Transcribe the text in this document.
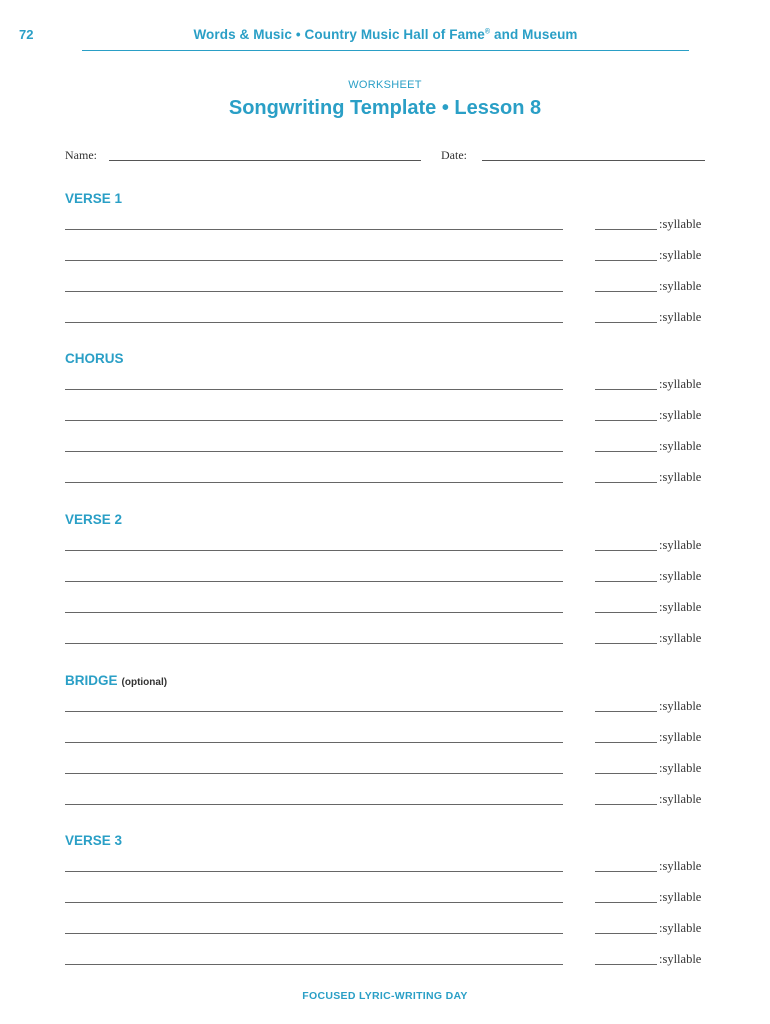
72	Words & Music • Country Music Hall of Fame® and Museum
WORKSHEET
Songwriting Template • Lesson 8
Name:	Date:
VERSE 1
:syllable
:syllable
:syllable
:syllable
CHORUS
:syllable
:syllable
:syllable
:syllable
VERSE 2
:syllable
:syllable
:syllable
:syllable
BRIDGE (optional)
:syllable
:syllable
:syllable
:syllable
VERSE 3
:syllable
:syllable
:syllable
:syllable
FOCUSED LYRIC-WRITING DAY
